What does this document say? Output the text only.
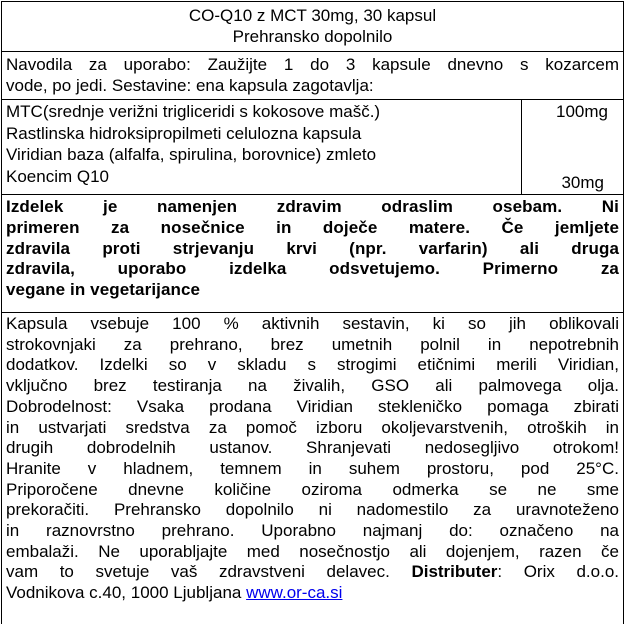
CO-Q10 z MCT 30mg, 30 kapsul
Prehransko dopolnilo
Navodila za uporabo: Zaužijte 1 do 3 kapsule dnevno s kozarcem
vode, po jedi. Sestavine: ena kapsula zagotavlja:
MTC(srednje verižni trigliceridi s kokosove mašč.)
Rastlinska hidroksipropilmeti celulozna kapsula
Viridian baza (alfalfa, spirulina, borovnice) zmleto
Koencim Q10
100mg
30mg
Izdelek je namenjen zdravim odraslim osebam. Ni
primeren za nosečnice in doječe matere. Če jemljete
zdravila proti strjevanju krvi (npr. varfarin) ali druga
zdravila, uporabo izdelka odsvetujemo. Primerno za
vegane in vegetarijance
Kapsula vsebuje 100 % aktivnih sestavin, ki so jih oblikovali
strokovnjaki za prehrano, brez umetnih polnil in nepotrebnih
dodatkov. Izdelki so v skladu s strogimi etičnimi merili Viridian,
vključno brez testiranja na živalih, GSO ali palmovega olja.
Dobrodelnost: Vsaka prodana Viridian stekleničko pomaga zbirati
in ustvarjati sredstva za pomoč izboru okoljevarstvenih, otroških in
drugih dobrodelnih ustanov. Shranjevati nedosegljivo otrokom!
Hranite v hladnem, temnem in suhem prostoru, pod 25°C.
Priporočene dnevne količine oziroma odmerka se ne sme
prekoračiti. Prehransko dopolnilo ni nadomestilo za uravnoteženo
in raznovrstno prehrano. Uporabno najmanj do: označeno na
embalaži. Ne uporabljajte med nosečnostjo ali dojenjem, razen če
vam to svetuje vaš zdravstveni delavec. Distributer: Orix d.o.o.
Vodnikova c.40, 1000 Ljubljana www.or-ca.si
